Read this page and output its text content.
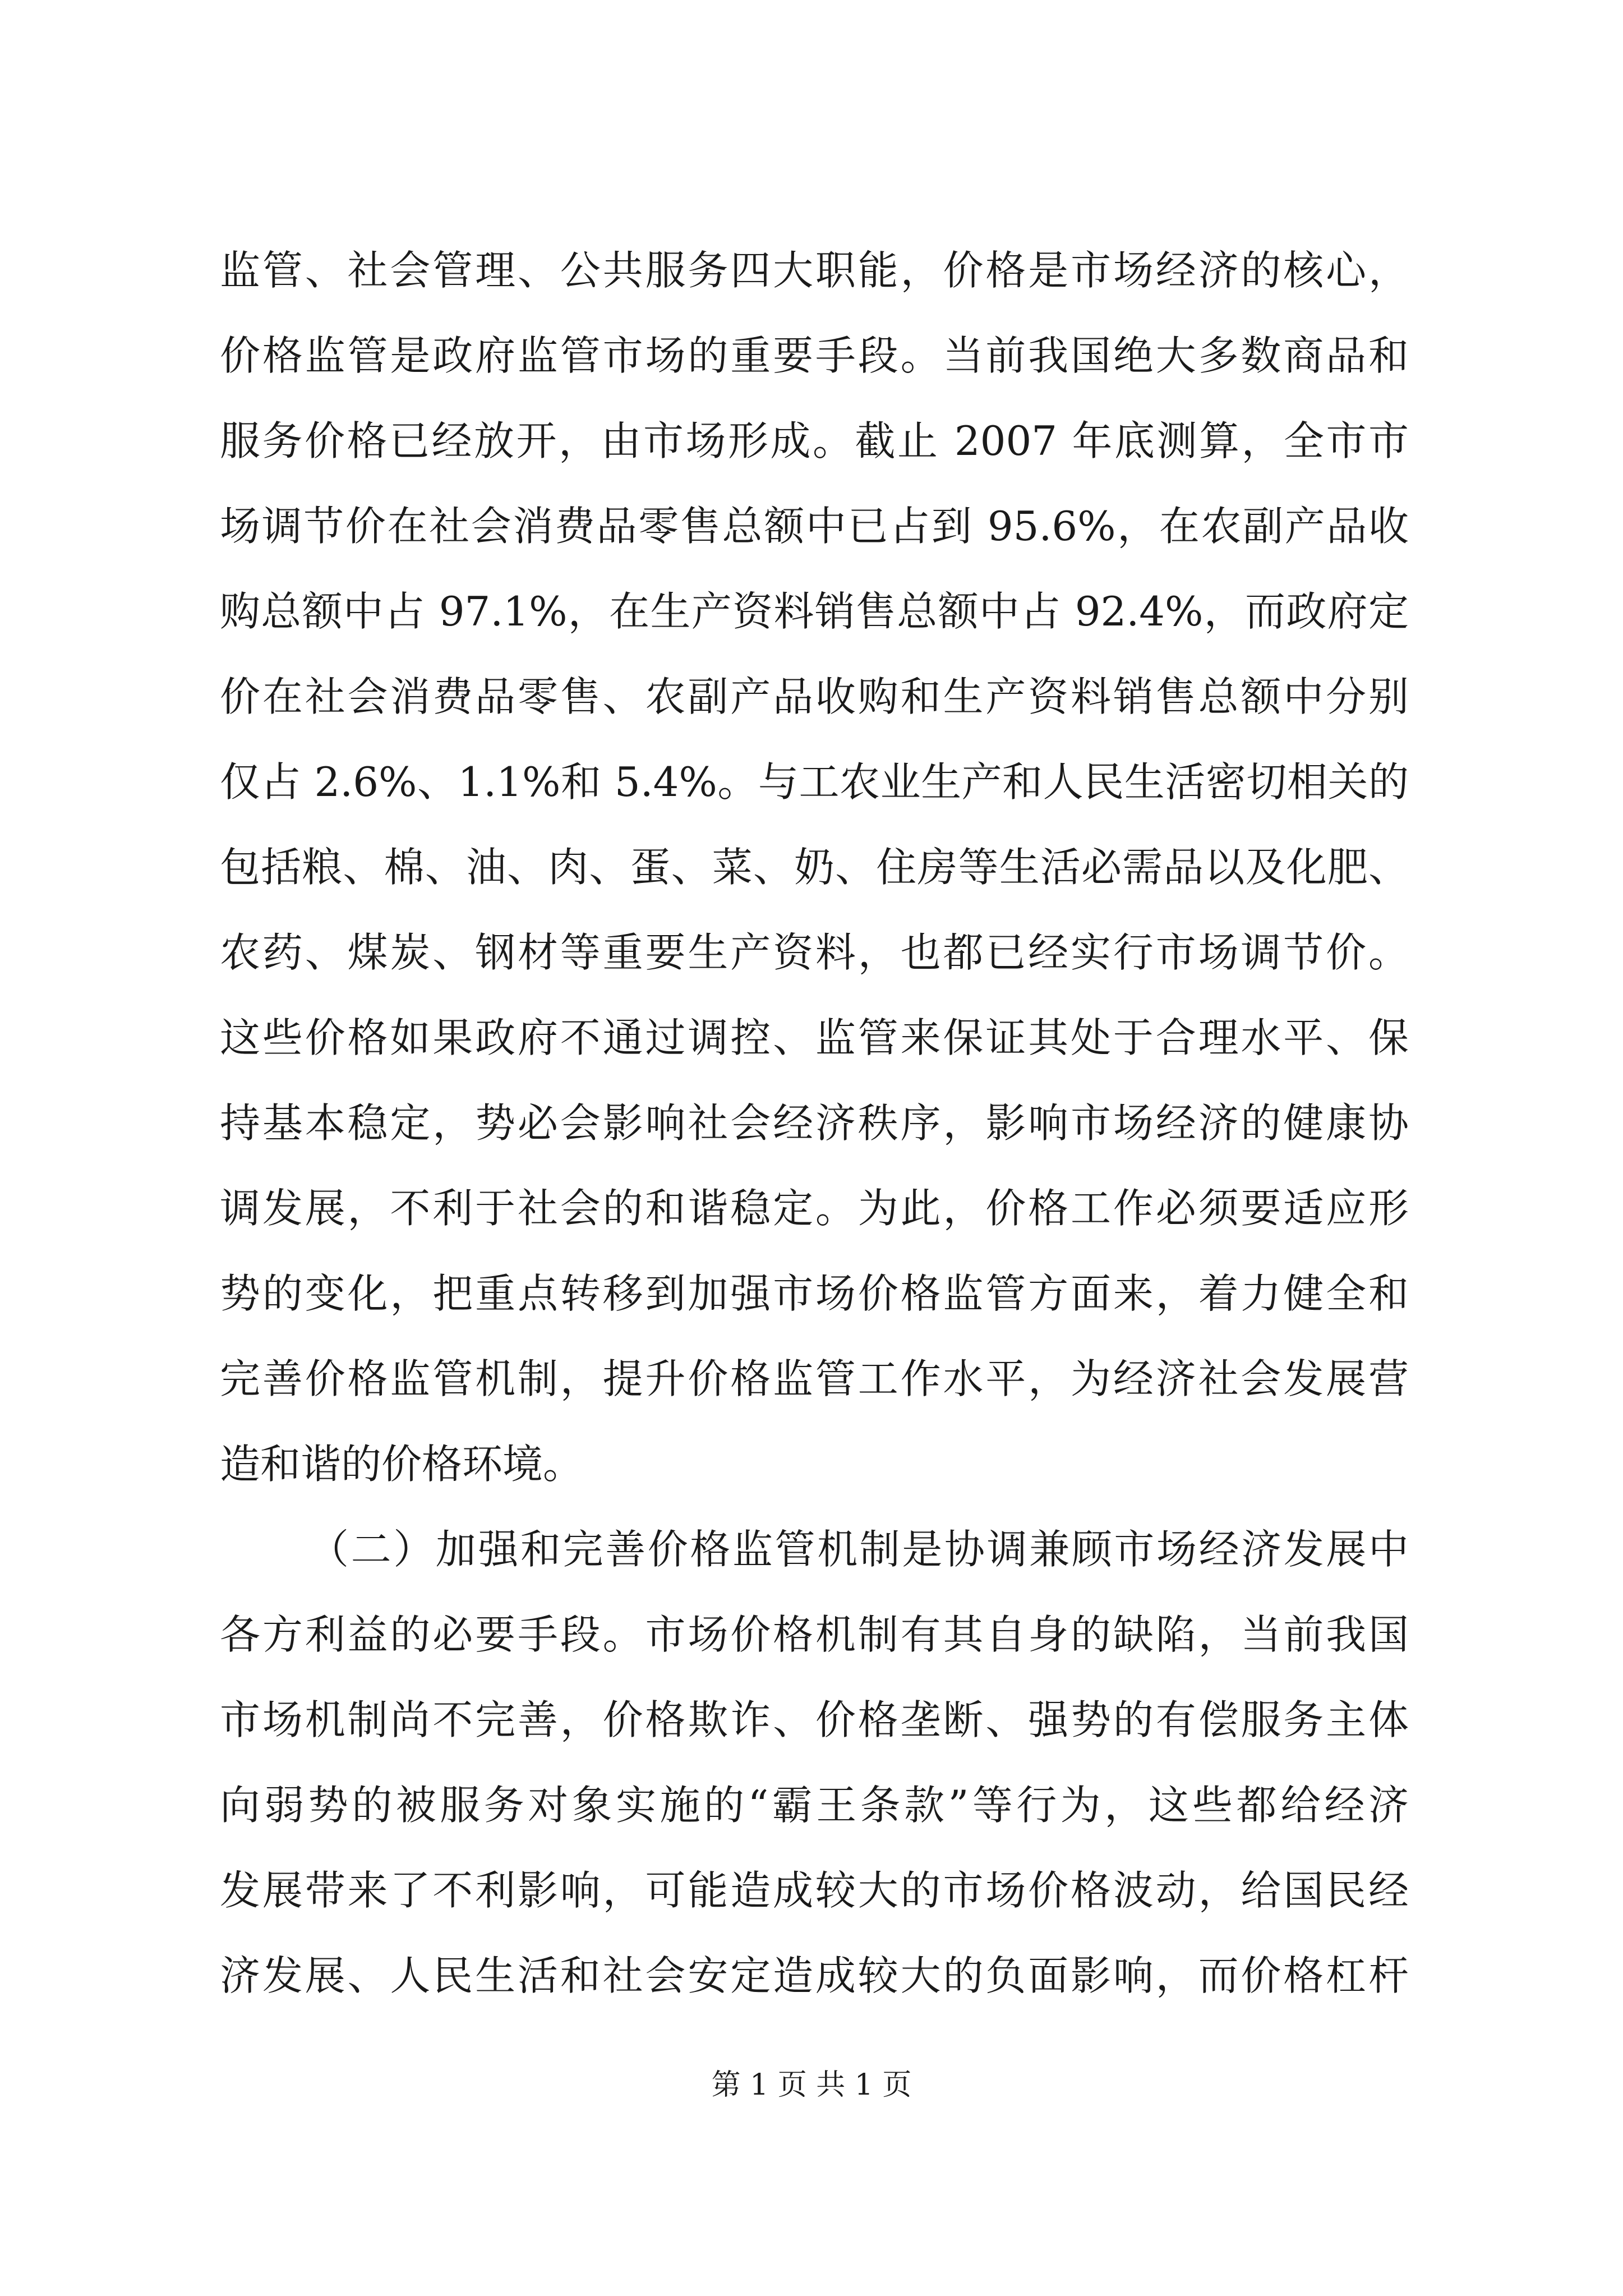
监管、社会管理、公共服务四大职能，价格是市场经济的核心，
价格监管是政府监管市场的重要手段。当前我国绝大多数商品和
服务价格已经放开，由市场形成。截止 2007 年底测算，全市市
场调节价在社会消费品零售总额中已占到 95.6%，在农副产品收
购总额中占 97.1%，在生产资料销售总额中占 92.4%，而政府定
价在社会消费品零售、农副产品收购和生产资料销售总额中分别
仅占 2.6%、1.1%和 5.4%。与工农业生产和人民生活密切相关的
包括粮、棉、油、肉、蛋、菜、奶、住房等生活必需品以及化肥、
农药、煤炭、钢材等重要生产资料，也都已经实行市场调节价。
这些价格如果政府不通过调控、监管来保证其处于合理水平、保
持基本稳定，势必会影响社会经济秩序，影响市场经济的健康协
调发展，不利于社会的和谐稳定。为此，价格工作必须要适应形
势的变化，把重点转移到加强市场价格监管方面来，着力健全和
完善价格监管机制，提升价格监管工作水平，为经济社会发展营
造和谐的价格环境。
（二）加强和完善价格监管机制是协调兼顾市场经济发展中
各方利益的必要手段。市场价格机制有其自身的缺陷，当前我国
市场机制尚不完善，价格欺诈、价格垄断、强势的有偿服务主体
向弱势的被服务对象实施的“霸王条款”等行为，这些都给经济
发展带来了不利影响，可能造成较大的市场价格波动，给国民经
济发展、人民生活和社会安定造成较大的负面影响，而价格杠杆
第 1 页 共 1 页
